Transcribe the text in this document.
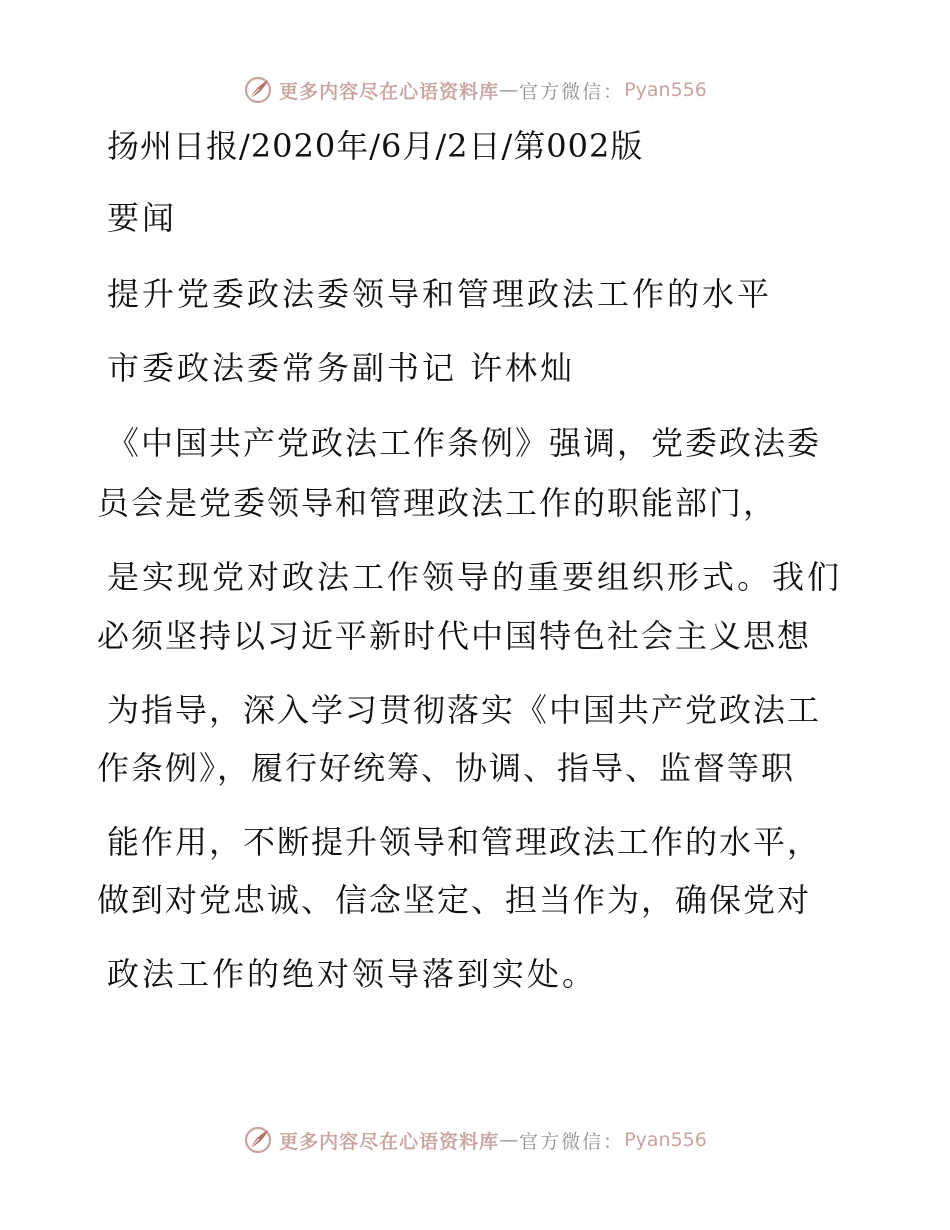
更多内容尽在心语资料库 — 官方微信： Pyan556
扬州日报/2020年/6月/2日/第002版
要闻
提升党委政法委领导和管理政法工作的水平
市委政法委常务副书记 许林灿
《中国共产党政法工作条例》强调，党委政法委
员会是党委领导和管理政法工作的职能部门，
是实现党对政法工作领导的重要组织形式。我们
必须坚持以习近平新时代中国特色社会主义思想
为指导，深入学习贯彻落实《中国共产党政法工
作条例》，履行好统筹、协调、指导、监督等职
能作用，不断提升领导和管理政法工作的水平，
做到对党忠诚、信念坚定、担当作为，确保党对
政法工作的绝对领导落到实处。
更多内容尽在心语资料库 — 官方微信： Pyan556
